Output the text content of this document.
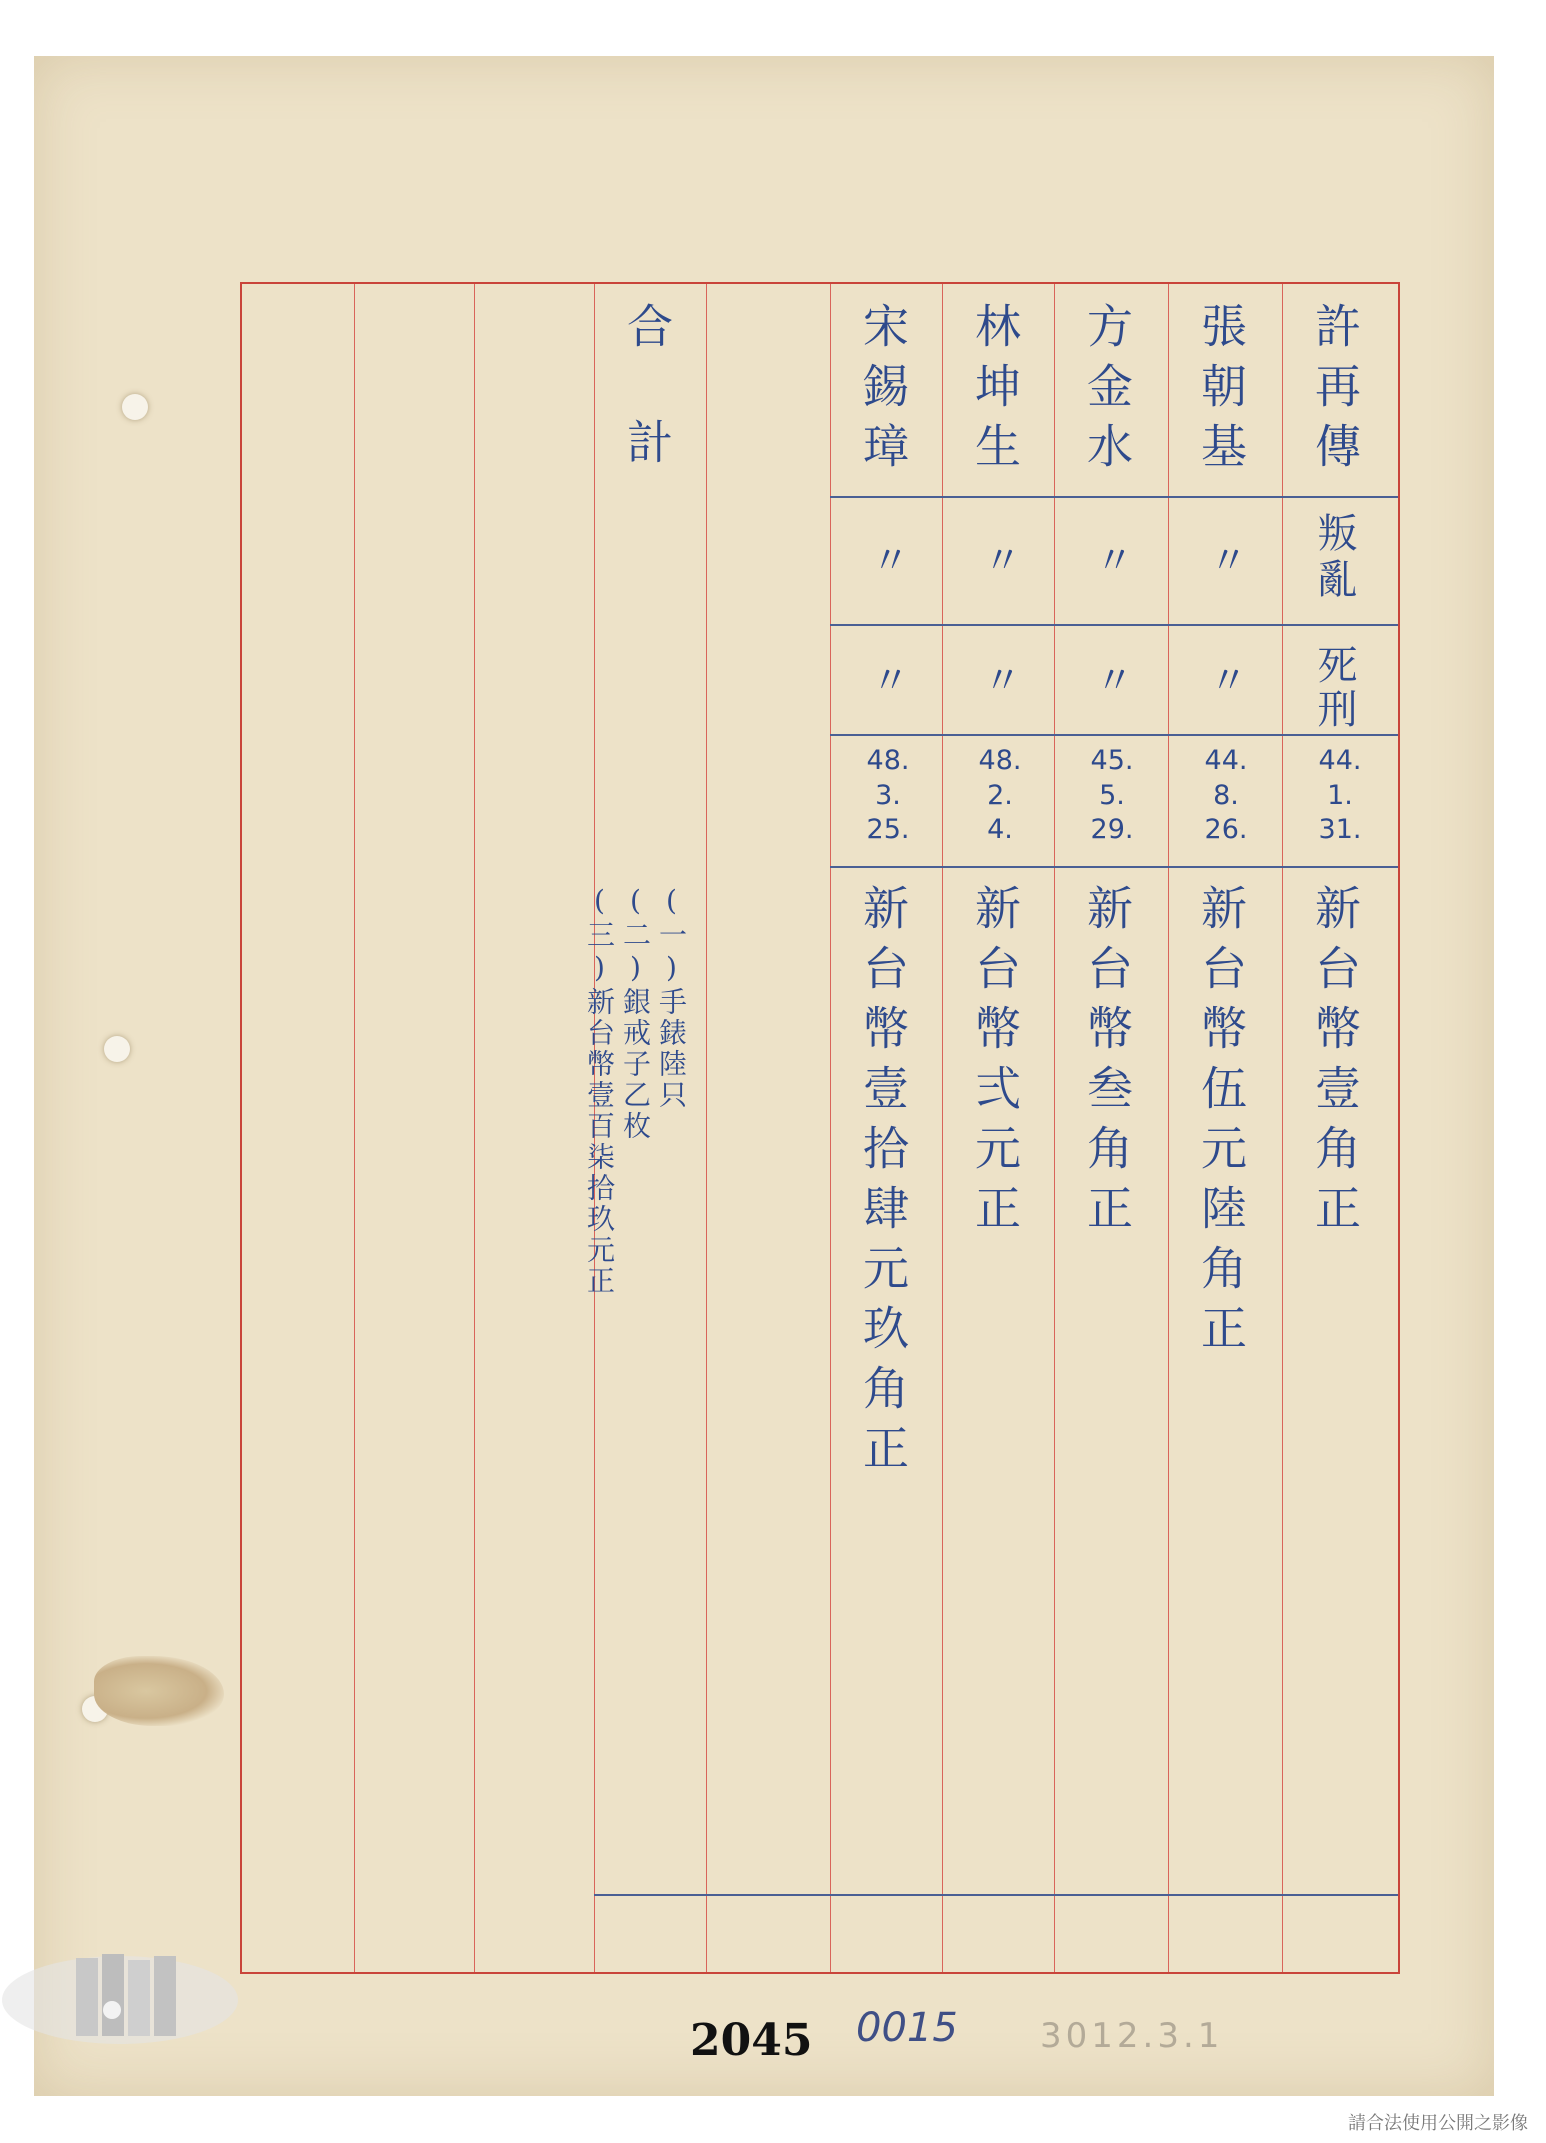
許再傳
叛亂
死刑
44.
1.
31.
新台幣壹角正
張朝基
〃
〃
44.
8.
26.
新台幣伍元陸角正
方金水
〃
〃
45.
5.
29.
新台幣叁角正
林坤生
〃
〃
48.
2.
4.
新台幣弍元正
宋錫璋
〃
〃
48.
3.
25.
新台幣壹拾肆元玖角正
合計
(一)手錶陸只
(二)銀戒子乙枚
(三)新台幣壹百柒拾玖元正
2045 0015 3012.3.1
請合法使用公開之影像
